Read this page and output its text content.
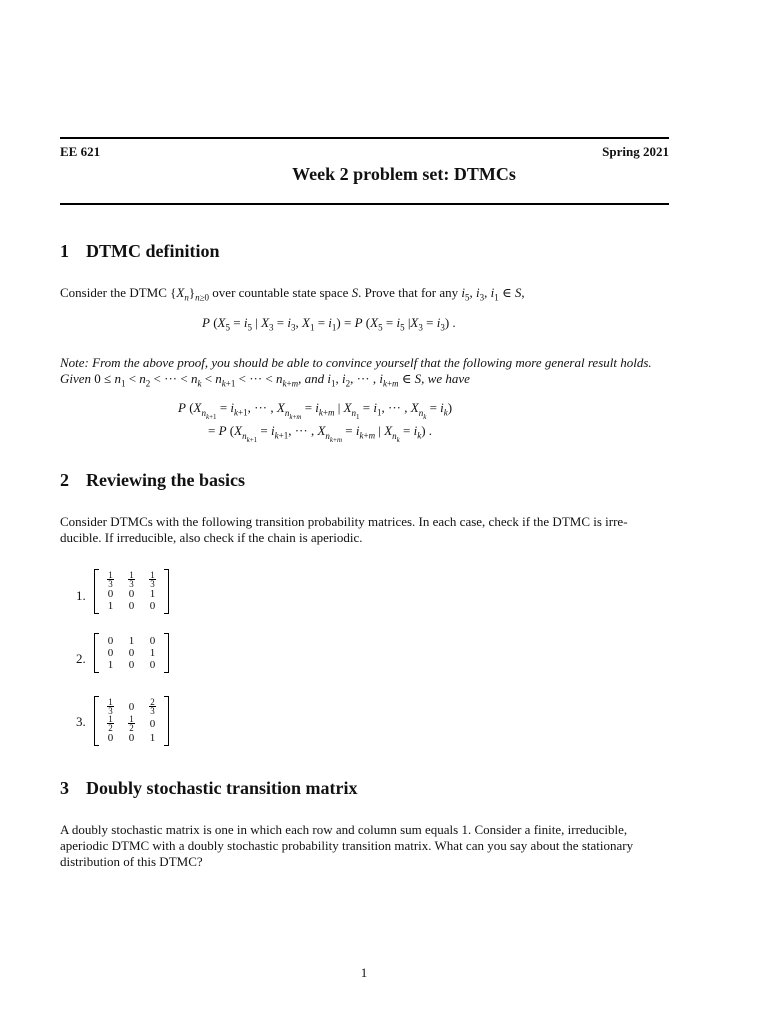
EE 621	Spring 2021
Week 2 problem set: DTMCs
1 DTMC definition
Consider the DTMC $\{X_n\}_{n\ge 0}$ over countable state space S. Prove that for any $i_5$, $i_3$, $i_1$ ∈ S,
P ($X_5 = i_5$ | $X_3 = i_3$, $X_1 = i_1) = P$ ($X_5 = i_5$ $|X_3 = i_3$) .
Note: From the above proof, you should be able to convince yourself that the following more general result holds. Given $0 \le n_1 < n_2$ < ··· < $n_k < n_{k+1}$ < ··· < $n_{k+m}$, and $i_1$, $i_2$, ··· , $i_{k+m}$ ∈ S, we have
P ($X_{n_{k+1}} = i_{k+1}$, ··· , $X_{n_{k+m}} = i_{k+m}$ | $X_{n_1} = i_1$, ··· , $X_{n_k} = i_k$)
= P ($X_{n_{k+1}} = i_{k+1}$, ··· , $X_{n_{k+m}} = i_{k+m}$ | $X_{n_k} = i_k$) .
2 Reviewing the basics
Consider DTMCs with the following transition probability matrices. In each case, check if the DTMC is irre- ducible. If irreducible, also check if the chain is aperiodic.
1.
$\frac{1}{3}$	$\frac{1}{3}$	$\frac{1}{3}$

0	0	1
1	0	0
2.
0	1	0
0	0	1
1	0	0
3.
$\frac{1}{3}$	0	$\frac{2}{3}$

$\frac{1}{2}$	$\frac{1}{2}$	0
0	0	1
3 Doubly stochastic transition matrix
A doubly stochastic matrix is one in which each row and column sum equals 1. Consider a finite, irreducible, aperiodic DTMC with a doubly stochastic probability transition matrix. What can you say about the stationary distribution of this DTMC?
1
